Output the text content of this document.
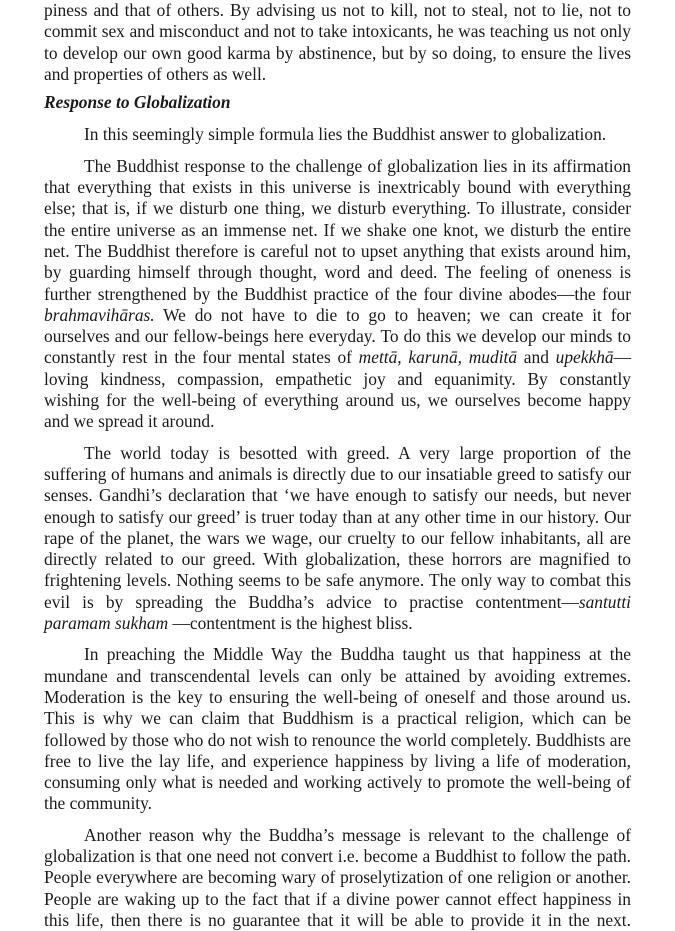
piness and that of others. By advising us not to kill, not to steal, not to lie, not to commit sex and misconduct and not to take intoxicants, he was teaching us not only to develop our own good karma by abstinence, but by so doing, to ensure the lives and properties of others as well.

Response to Globalization

In this seemingly simple formula lies the Buddhist answer to globalization.

The Buddhist response to the challenge of globalization lies in its affirmation that everything that exists in this universe is inextricably bound with everything else; that is, if we disturb one thing, we disturb everything. To illustrate, consider the entire universe as an immense net. If we shake one knot, we disturb the entire net. The Buddhist therefore is careful not to upset anything that exists around him, by guarding himself through thought, word and deed. The feeling of oneness is further strengthened by the Buddhist practice of the four divine abodes—the four brahmavihāras. We do not have to die to go to heaven; we can create it for ourselves and our fellow-beings here everyday. To do this we develop our minds to constantly rest in the four mental states of mettā, karunā, muditā and upekkhā— loving kindness, compassion, empathetic joy and equanimity. By constantly wishing for the well-being of everything around us, we ourselves become happy and we spread it around.

The world today is besotted with greed. A very large proportion of the suffering of humans and animals is directly due to our insatiable greed to satisfy our senses. Gandhi’s declaration that ‘we have enough to satisfy our needs, but never enough to satisfy our greed’ is truer today than at any other time in our history. Our rape of the planet, the wars we wage, our cruelty to our fellow inhabitants, all are directly related to our greed. With globalization, these horrors are magnified to frightening levels. Nothing seems to be safe anymore. The only way to combat this evil is by spreading the Buddha’s advice to practise contentment—santutti paramam sukham —contentment is the highest bliss.

In preaching the Middle Way the Buddha taught us that happiness at the mundane and transcendental levels can only be attained by avoiding extremes. Moderation is the key to ensuring the well-being of oneself and those around us. This is why we can claim that Buddhism is a practical religion, which can be followed by those who do not wish to renounce the world completely. Buddhists are free to live the lay life, and experience happiness by living a life of moderation, consuming only what is needed and working actively to promote the well-being of the community.

Another reason why the Buddha’s message is relevant to the challenge of globalization is that one need not convert i.e. become a Buddhist to follow the path. People everywhere are becoming wary of proselytization of one religion or another. People are waking up to the fact that if a divine power cannot effect happiness in this life, then there is no guarantee that it will be able to provide it in the next.
